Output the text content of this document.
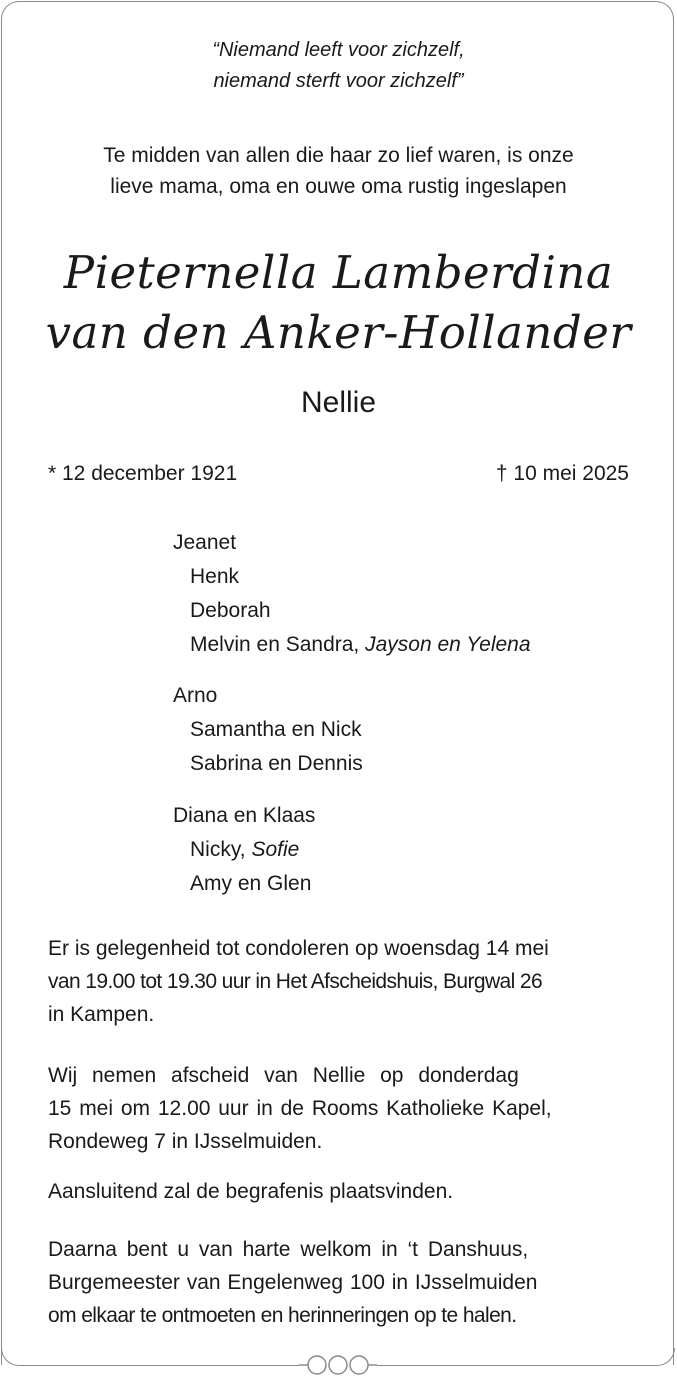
“Niemand leeft voor zichzelf,
niemand sterft voor zichzelf”
Te midden van allen die haar zo lief waren, is onze
lieve mama, oma en ouwe oma rustig ingeslapen
Pieternella Lamberdina
van den Anker-Hollander
Nellie
* 12 december 1921	† 10 mei 2025
Jeanet
Henk
Deborah
Melvin en Sandra, Jayson en Yelena
Arno
Samantha en Nick
Sabrina en Dennis
Diana en Klaas
Nicky, Sofie
Amy en Glen
Er is gelegenheid tot condoleren op woensdag 14 mei
van 19.00 tot 19.30 uur in Het Afscheidshuis, Burgwal 26
in Kampen.
Wij nemen afscheid van Nellie op donderdag
15 mei om 12.00 uur in de Rooms Katholieke Kapel,
Rondeweg 7 in IJsselmuiden.
Aansluitend zal de begrafenis plaatsvinden.
Daarna bent u van harte welkom in ‘t Danshuus,
Burgemeester van Engelenweg 100 in IJsselmuiden
om elkaar te ontmoeten en herinneringen op te halen.
